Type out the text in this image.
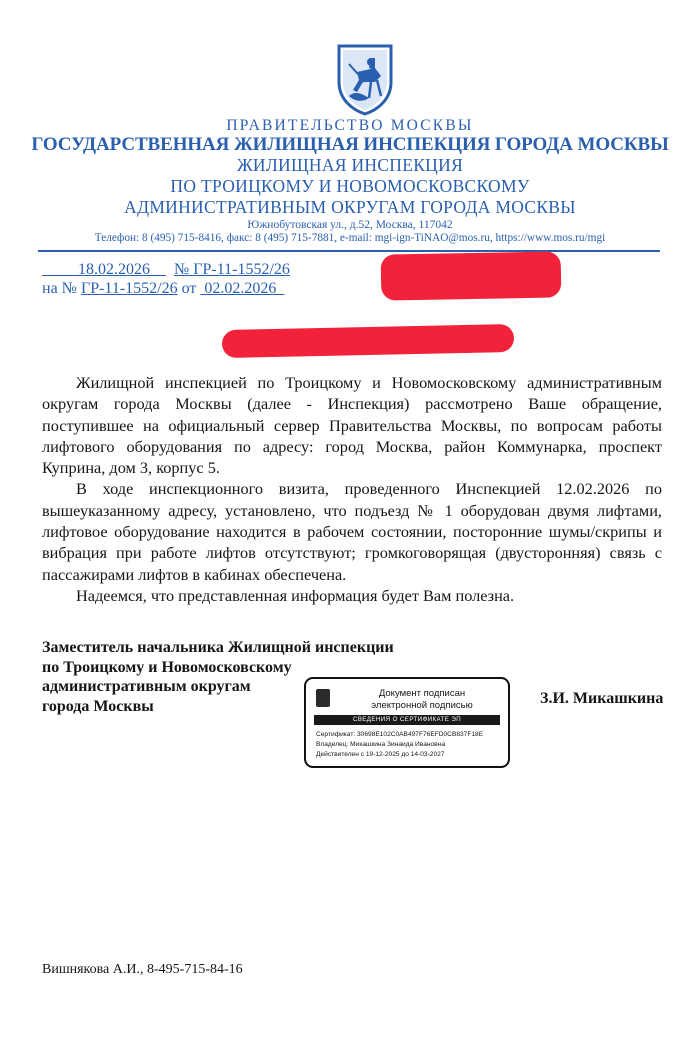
ПРАВИТЕЛЬСТВО МОСКВЫ
ГОСУДАРСТВЕННАЯ ЖИЛИЩНАЯ ИНСПЕКЦИЯ ГОРОДА МОСКВЫ
ЖИЛИЩНАЯ ИНСПЕКЦИЯ
ПО ТРОИЦКОМУ И НОВОМОСКОВСКОМУ
АДМИНИСТРАТИВНЫМ ОКРУГАМ ГОРОДА МОСКВЫ
Южнобутовская ул., д.52, Москва, 117042
Телефон: 8 (495) 715-8416, факс: 8 (495) 715-7881, e-mail: mgi-ign-TiNAO@mos.ru, https://www.mos.ru/mgi
18.02.2026 № ГР-11-1552/26
на № ГР-11-1552/26 от 02.02.2026

Жилищной инспекцией по Троицкому и Новомосковскому административным округам города Москвы (далее - Инспекция) рассмотрено Ваше обращение, поступившее на официальный сервер Правительства Москвы, по вопросам работы лифтового оборудования по адресу: город Москва, район Коммунарка, проспект Куприна, дом 3, корпус 5.

В ходе инспекционного визита, проведенного Инспекцией 12.02.2026 по вышеуказанному адресу, установлено, что подъезд № 1 оборудован двумя лифтами, лифтовое оборудование находится в рабочем состоянии, посторонние шумы/скрипы и вибрация при работе лифтов отсутствуют; громкоговорящая (двусторонняя) связь с пассажирами лифтов в кабинах обеспечена.

Надеемся, что представленная информация будет Вам полезна.

Заместитель начальника Жилищной инспекции
по Троицкому и Новомосковскому
административным округам
города Москвы	З.И. Микашкина
Документ подписан
электронной подписью
СВЕДЕНИЯ О СЕРТИФИКАТЕ ЭП
Сертификат: 30698E102C0AB497F76EFD0CB837F18E
Владелец: Микашкина Зинаида Ивановна
Действителен с 19-12-2025 до 14-03-2027
Вишнякова А.И., 8-495-715-84-16
